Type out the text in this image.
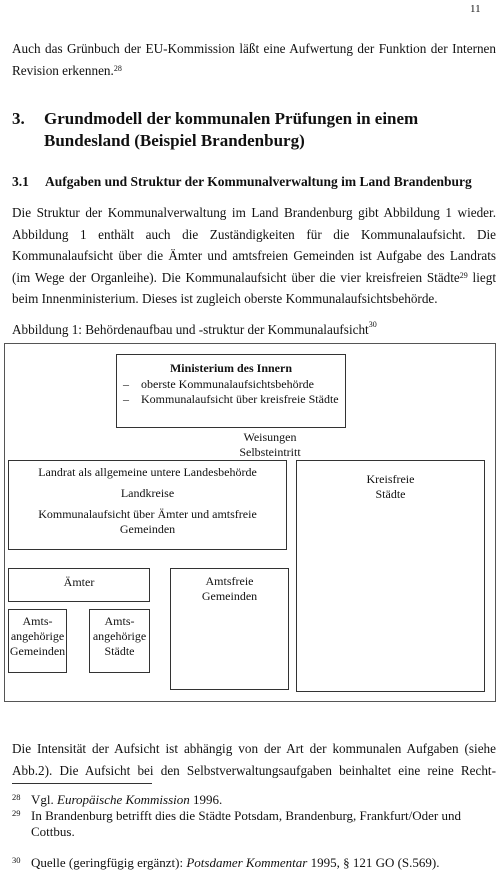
11
Auch das Grünbuch der EU-Kommission läßt eine Aufwertung der Funktion der Internen Revision erkennen.$^{28}$
3. Grundmodell der kommunalen Prüfungen in einem Bundesland (Beispiel Brandenburg)
3.1 Aufgaben und Struktur der Kommunalverwaltung im Land Brandenburg
Die Struktur der Kommunalverwaltung im Land Brandenburg gibt Abbildung 1 wieder. Abbildung 1 enthält auch die Zuständigkeiten für die Kommunalaufsicht. Die Kommunalaufsicht über die Ämter und amtsfreien Gemeinden ist Aufgabe des Landrats (im Wege der Organleihe). Die Kommunalaufsicht über die vier kreisfreien Städte$^{29}$ liegt beim Innenministerium. Dieses ist zugleich oberste Kommunalaufsichtsbehörde.
Abbildung 1: Behördenaufbau und -struktur der Kommunalaufsicht$^{30}$
Ministerium des Innern
– oberste Kommunalaufsichtsbehörde
– Kommunalaufsicht über kreisfreie Städte
Weisungen Selbsteintritt
Landrat als allgemeine untere Landesbehörde
Landkreise
Kommunalaufsicht über Ämter und amtsfreie Gemeinden
Kreisfreie
Städte
Ämter	Amtsfreie
Gemeinden
Amts-
angehörige
Gemeinden
Amts-
angehörige
Städte
Die Intensität der Aufsicht ist abhängig von der Art der kommunalen Aufgaben (siehe Abb.2). Die Aufsicht bei den Selbstverwaltungsaufgaben beinhaltet eine reine Recht-
28 Vgl. Europäische Kommission 1996.
29 In Brandenburg betrifft dies die Städte Potsdam, Brandenburg, Frankfurt/Oder und Cottbus.
30 Quelle (geringfügig ergänzt): Potsdamer Kommentar 1995, § 121 GO (S.569).
